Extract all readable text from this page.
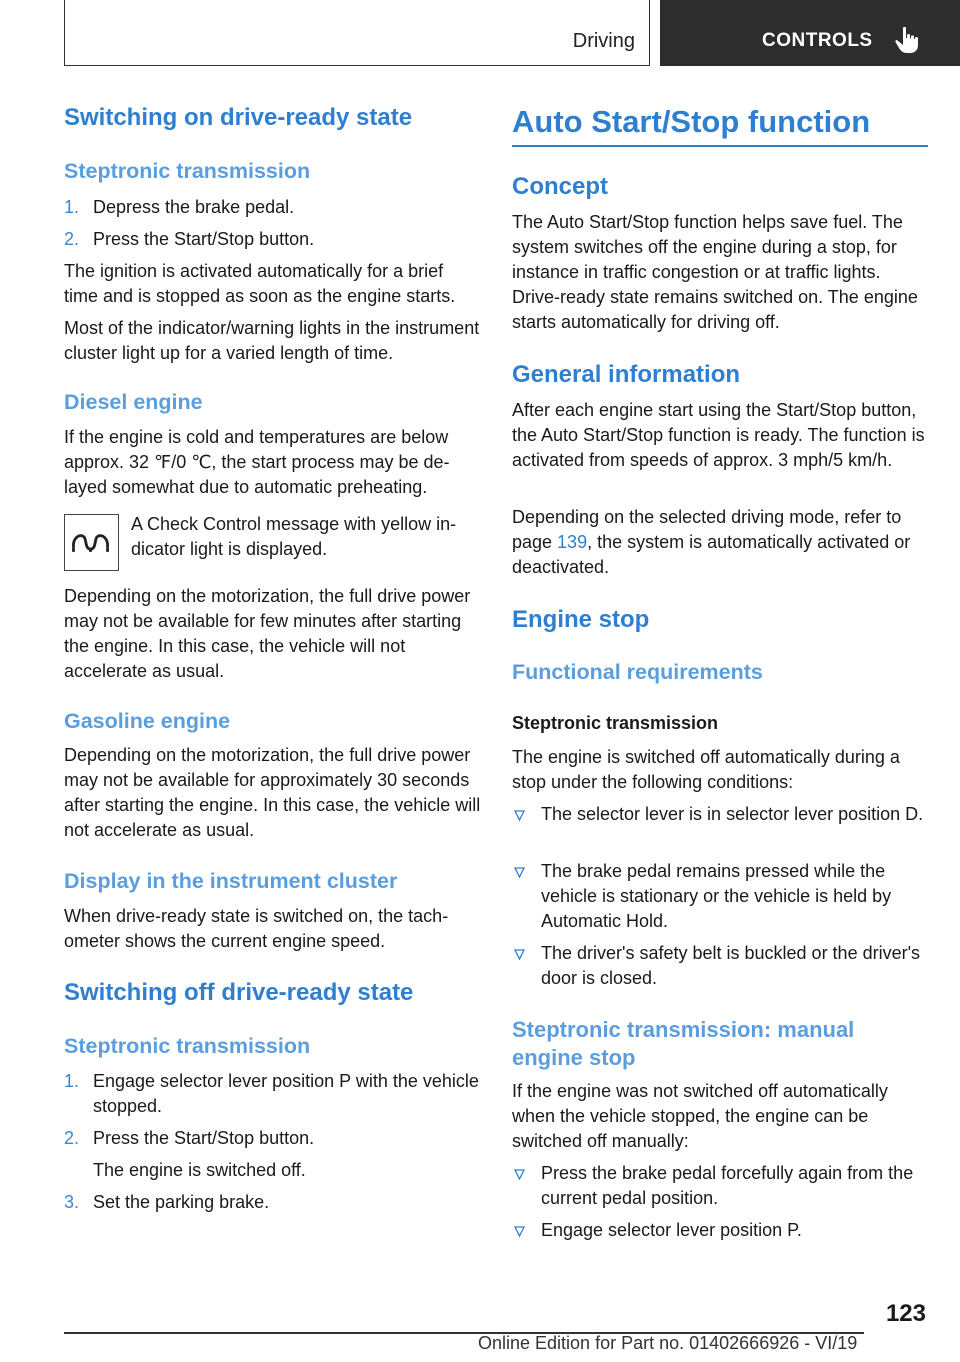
Driving	CONTROLS
Switching on drive-ready state
Steptronic transmission
1. Depress the brake pedal.
2. Press the Start/Stop button.
The ignition is activated automatically for a brief time and is stopped as soon as the engine starts.
Most of the indicator/warning lights in the instrument cluster light up for a varied length of time.
Diesel engine
If the engine is cold and temperatures are below approx. 32 ℉/0 ℃, the start process may be delayed somewhat due to automatic preheating.
A Check Control message with yellow indicator light is displayed.
Depending on the motorization, the full drive power may not be available for few minutes after starting the engine. In this case, the vehicle will not accelerate as usual.
Gasoline engine
Depending on the motorization, the full drive power may not be available for approximately 30 seconds after starting the engine. In this case, the vehicle will not accelerate as usual.
Display in the instrument cluster
When drive-ready state is switched on, the tachometer shows the current engine speed.
Switching off drive-ready state
Steptronic transmission
1. Engage selector lever position P with the vehicle stopped.
2. Press the Start/Stop button.
The engine is switched off.
3. Set the parking brake.
Auto Start/Stop function
Concept
The Auto Start/Stop function helps save fuel. The system switches off the engine during a stop, for instance in traffic congestion or at traffic lights. Drive-ready state remains switched on. The engine starts automatically for driving off.
General information
After each engine start using the Start/Stop button, the Auto Start/Stop function is ready. The function is activated from speeds of approx. 3 mph/5 km/h.
Depending on the selected driving mode, refer to page 139, the system is automatically activated or deactivated.
Engine stop
Functional requirements
Steptronic transmission
The engine is switched off automatically during a stop under the following conditions:
The selector lever is in selector lever position D.
The brake pedal remains pressed while the vehicle is stationary or the vehicle is held by Automatic Hold.
The driver's safety belt is buckled or the driver's door is closed.
Steptronic transmission: manual engine stop
If the engine was not switched off automatically when the vehicle stopped, the engine can be switched off manually:
Press the brake pedal forcefully again from the current pedal position.
Engage selector lever position P.
123
Online Edition for Part no. 01402666926 - VI/19
